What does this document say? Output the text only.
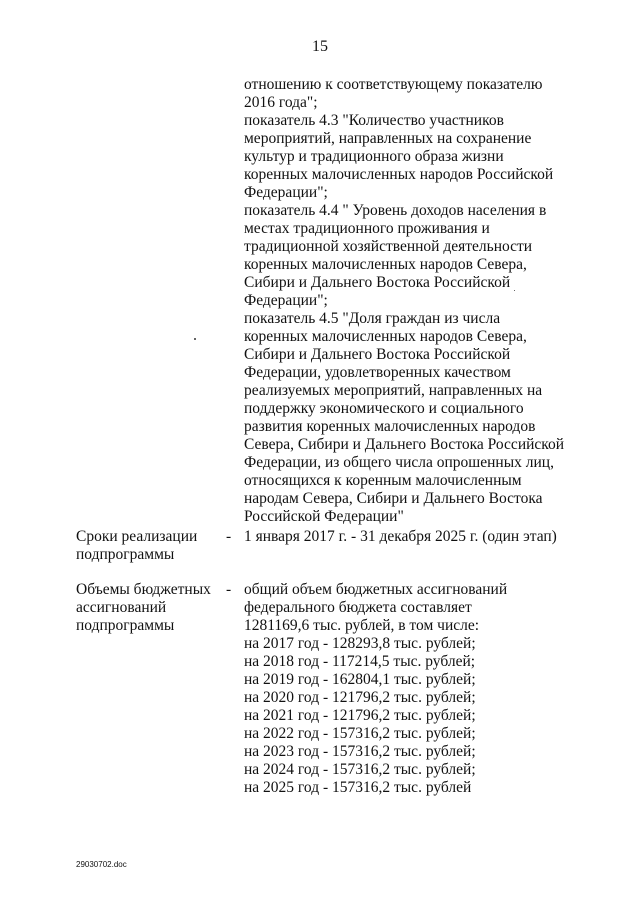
15
отношению к соответствующему показателю
2016 года";
показатель 4.3 "Количество участников
мероприятий, направленных на сохранение
культур и традиционного образа жизни
коренных малочисленных народов Российской
Федерации";
показатель 4.4 " Уровень доходов населения в
местах традиционного проживания и
традиционной хозяйственной деятельности
коренных малочисленных народов Севера,
Сибири и Дальнего Востока Российской
Федерации";
показатель 4.5 "Доля граждан из числа
коренных малочисленных народов Севера,
Сибири и Дальнего Востока Российской
Федерации, удовлетворенных качеством
реализуемых мероприятий, направленных на
поддержку экономического и социального
развития коренных малочисленных народов
Севера, Сибири и Дальнего Востока Российской
Федерации, из общего числа опрошенных лиц,
относящихся к коренным малочисленным
народам Севера, Сибири и Дальнего Востока
Российской Федерации"
Сроки реализации
подпрограммы
- 1 января 2017 г. - 31 декабря 2025 г. (один этап)
Объемы бюджетных
ассигнований
подпрограммы
- общий объем бюджетных ассигнований
федерального бюджета составляет
1281169,6 тыс. рублей, в том числе:
на 2017 год - 128293,8 тыс. рублей;
на 2018 год - 117214,5 тыс. рублей;
на 2019 год - 162804,1 тыс. рублей;
на 2020 год - 121796,2 тыс. рублей;
на 2021 год - 121796,2 тыс. рублей;
на 2022 год - 157316,2 тыс. рублей;
на 2023 год - 157316,2 тыс. рублей;
на 2024 год - 157316,2 тыс. рублей;
на 2025 год - 157316,2 тыс. рублей
29030702.doc
